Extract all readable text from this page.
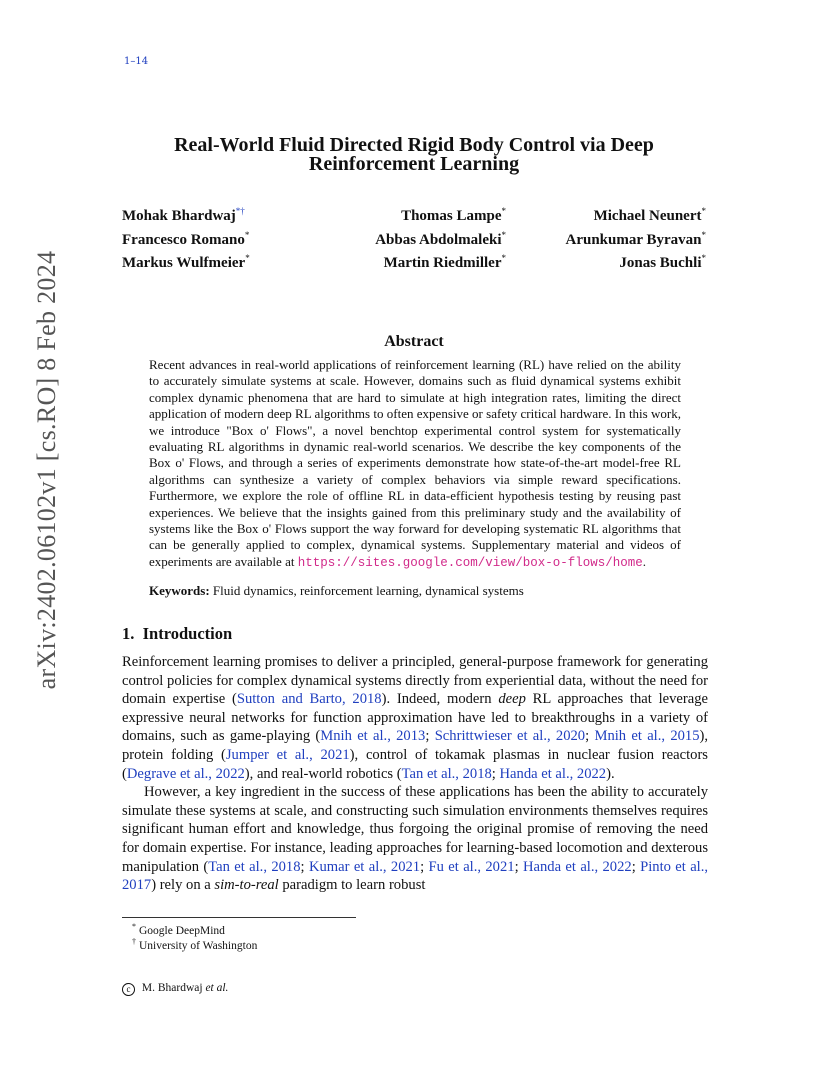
1–14
arXiv:2402.06102v1 [cs.RO] 8 Feb 2024
Real-World Fluid Directed Rigid Body Control via Deep Reinforcement Learning
Mohak Bhardwaj*†
Francesco Romano*
Markus Wulfmeier*
Thomas Lampe*
Abbas Abdolmaleki*
Martin Riedmiller*
Michael Neunert*
Arunkumar Byravan*
Jonas Buchli*
Abstract
Recent advances in real-world applications of reinforcement learning (RL) have relied on the ability to accurately simulate systems at scale. However, domains such as fluid dynamical systems exhibit complex dynamic phenomena that are hard to simulate at high integration rates, limiting the direct application of modern deep RL algorithms to often expensive or safety critical hardware. In this work, we introduce "Box o' Flows", a novel benchtop experimental control system for systematically evaluating RL algorithms in dynamic real-world scenarios. We describe the key components of the Box o' Flows, and through a series of experiments demonstrate how state-of-the-art model-free RL algorithms can synthesize a variety of complex behaviors via simple reward specifications. Furthermore, we explore the role of offline RL in data-efficient hypothesis testing by reusing past experiences. We believe that the insights gained from this preliminary study and the availability of systems like the Box o' Flows support the way forward for developing systematic RL algorithms that can be generally applied to complex, dynamical systems. Supplementary material and videos of experiments are available at https://sites.google.com/view/box-o-flows/home.
Keywords: Fluid dynamics, reinforcement learning, dynamical systems
1. Introduction

Reinforcement learning promises to deliver a principled, general-purpose framework for generating control policies for complex dynamical systems directly from experiential data, without the need for domain expertise (Sutton and Barto, 2018). Indeed, modern deep RL approaches that leverage expressive neural networks for function approximation have led to breakthroughs in a variety of domains, such as game-playing (Mnih et al., 2013; Schrittwieser et al., 2020; Mnih et al., 2015), protein folding (Jumper et al., 2021), control of tokamak plasmas in nuclear fusion reactors (Degrave et al., 2022), and real-world robotics (Tan et al., 2018; Handa et al., 2022).

However, a key ingredient in the success of these applications has been the ability to accurately simulate these systems at scale, and constructing such simulation environments themselves requires significant human effort and knowledge, thus forgoing the original promise of removing the need for domain expertise. For instance, leading approaches for learning-based locomotion and dexterous manipulation (Tan et al., 2018; Kumar et al., 2021; Fu et al., 2021; Handa et al., 2022; Pinto et al., 2017) rely on a sim-to-real paradigm to learn robust

* Google DeepMind
† University of Washington
c M. Bhardwaj et al.
